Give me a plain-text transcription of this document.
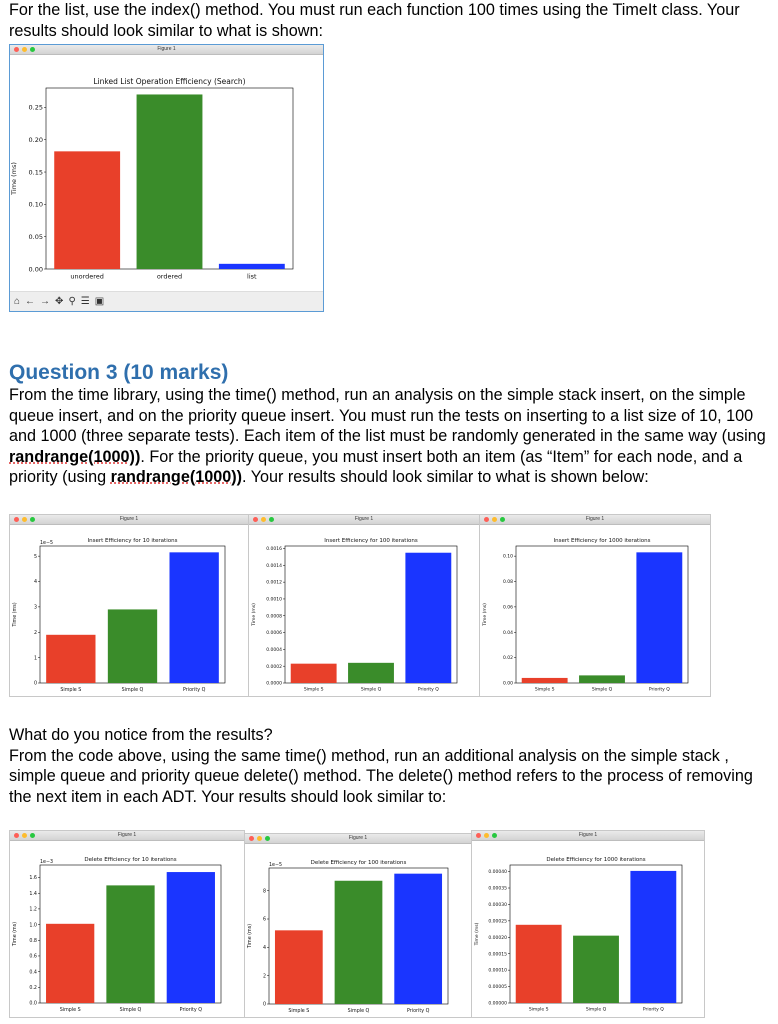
For the list, use the index() method. You must run each function 100 times using the TimeIt class. Your
results should look similar to what is shown:

Figure 1
unordered	ordered	list
0.00
0.05
0.10
0.15
0.20
0.25
Linked List Operation Efficiency (Search)
Time (ms)
⌂ ← → ✥ ⚲ ☰ ▣
Question 3 (10 marks)

From the time library, using the time() method, run an analysis on the simple stack insert, on the simple queue insert, and on the priority queue insert. You must run the tests on inserting to a list size of 10, 100 and 1000 (three separate tests). Each item of the list must be randomly generated in the same way (using randrange(1000)). For the priority queue, you must insert both an item (as “Item” for each node, and a priority (using randrange(1000)). Your results should look similar to what is shown below:

Figure 1
Simple S	Simple Q	Priority Q
0
1
2
3
4
5
Insert Efficiency for 10 iterations
Time (ms)
1e−5
Figure 1
Simple S	Simple Q	Priority Q
0.0000
0.0002
0.0004
0.0006
0.0008
0.0010
0.0012
0.0014
0.0016
Insert Efficiency for 100 iterations
Time (ms)
Figure 1
Simple S	Simple Q	Priority Q
0.00
0.02
0.04
0.06
0.08
0.10
Insert Efficiency for 1000 iterations
Time (ms)

What do you notice from the results?
From the code above, using the same time() method, run an additional analysis on the simple stack , simple queue and priority queue delete() method. The delete() method refers to the process of removing the next item in each ADT. Your results should look similar to:

Figure 1
Simple S	Simple Q	Priority Q
0.0
0.2
0.4
0.6
0.8
1.0
1.2
1.4
1.6
Delete Efficiency for 10 iterations
Time (ms)
1e−3
Figure 1
Simple S	Simple Q	Priority Q
0
2
4
6
8
Delete Efficiency for 100 iterations
Time (ms)
1e−5
Figure 1
Simple S	Simple Q	Priority Q
0.00000
0.00005
0.00010
0.00015
0.00020
0.00025
0.00030
0.00035
0.00040
Delete Efficiency for 1000 iterations
Time (ms)
